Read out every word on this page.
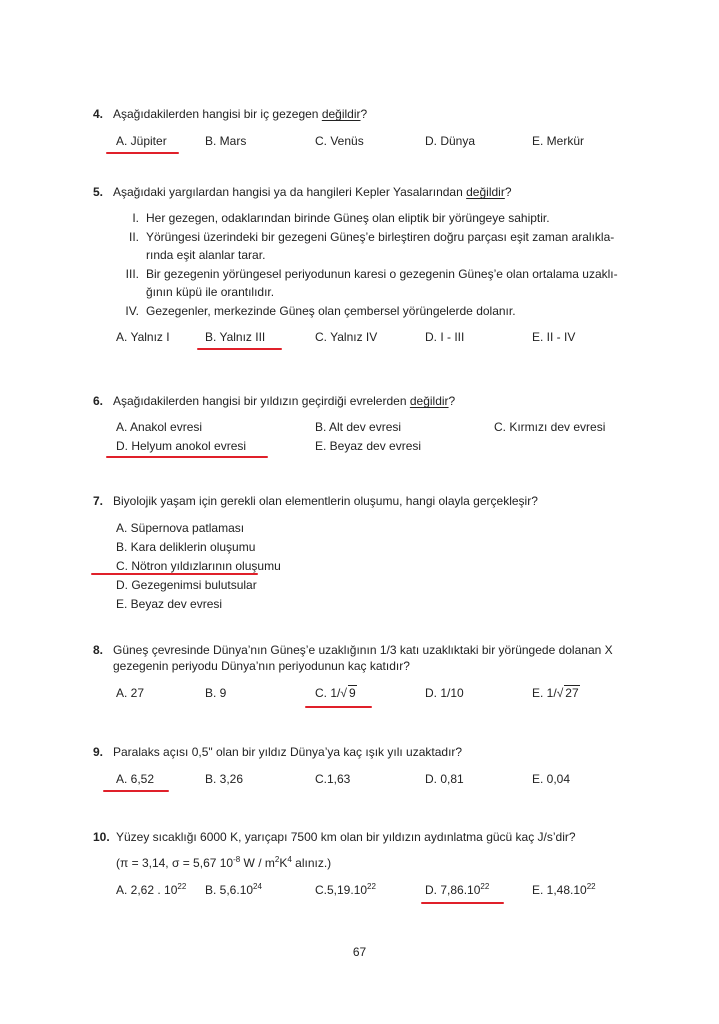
4. Aşağıdakilerden hangisi bir iç gezegen değildir?
A. Jüpiter	B. Mars	C. Venüs	D. Dünya	E. Merkür
5. Aşağıdaki yargılardan hangisi ya da hangileri Kepler Yasalarından değildir?
I. Her gezegen, odaklarından birinde Güneş olan eliptik bir yörüngeye sahiptir.
II. Yörüngesi üzerindeki bir gezegeni Güneş’e birleştiren doğru parçası eşit zaman aralıkla-
rında eşit alanlar tarar.
III. Bir gezegenin yörüngesel periyodunun karesi o gezegenin Güneş’e olan ortalama uzaklı-
ğının küpü ile orantılıdır.
IV. Gezegenler, merkezinde Güneş olan çembersel yörüngelerde dolanır.
A. Yalnız I	B. Yalnız III	C. Yalnız IV	D. I - III	E. II - IV
6. Aşağıdakilerden hangisi bir yıldızın geçirdiği evrelerden değildir?
A. Anakol evresi	B. Alt dev evresi	C. Kırmızı dev evresi
D. Helyum anokol evresi	E. Beyaz dev evresi
7. Biyolojik yaşam için gerekli olan elementlerin oluşumu, hangi olayla gerçekleşir?
A. Süpernova patlaması
B. Kara deliklerin oluşumu
C. Nötron yıldızlarının oluşumu
D. Gezegenimsi bulutsular
E. Beyaz dev evresi
8. Güneş çevresinde Dünya’nın Güneş’e uzaklığının 1/3 katı uzaklıktaki bir yörüngede dolanan X
gezegenin periyodu Dünya’nın periyodunun kaç katıdır?
A. 27	B. 9	C. 1/√ 9	D. 1/10	E. 1/√ 27
9. Paralaks açısı 0,5" olan bir yıldız Dünya’ya kaç ışık yılı uzaktadır?
A. 6,52	B. 3,26	C.1,63	D. 0,81	E. 0,04
10. Yüzey sıcaklığı 6000 K, yarıçapı 7500 km olan bir yıldızın aydınlatma gücü kaç J/s’dir?
(π = 3,14, σ = 5,67 $10^{-8}$ W / $m^2K^4$ alınız.)
A. 2,62 . $10^{22}$ B. 5,6.10$^{24}$	C.5,19.10$^{22}$	D. 7,86.10$^{22}$	E. 1,48.10$^{22}$
67
